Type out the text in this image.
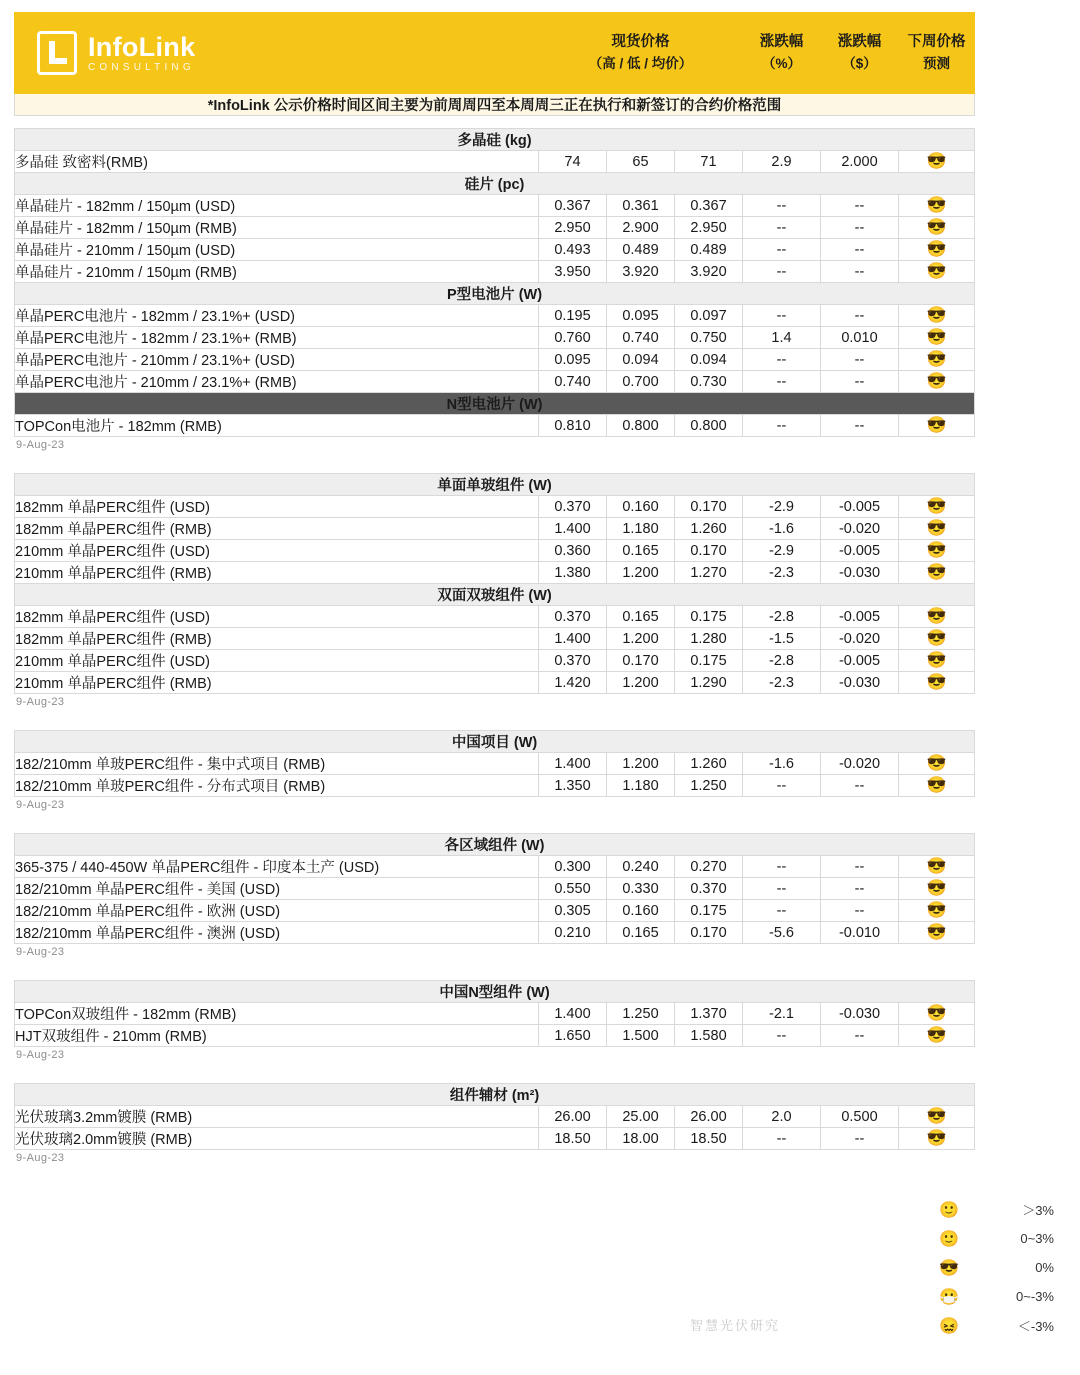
InfoLink
CONSULTING
	现货价格
（高 / 低 / 均价）
	涨跌幅
（%）
	涨跌幅
（$）
	下周价格
预测

*InfoLink 公示价格时间区间主要为前周周四至本周周三正在执行和新签订的合约价格范围
多晶硅 (kg)						
多晶硅 致密料(RMB)	74	65	71	2.9	2.000	😎
硅片 (pc)						
单晶硅片 - 182mm / 150µm (USD)	0.367	0.361	0.367	--	--	😎
单晶硅片 - 182mm / 150µm (RMB)	2.950	2.900	2.950	--	--	😎
单晶硅片 - 210mm / 150µm (USD)	0.493	0.489	0.489	--	--	😎
单晶硅片 - 210mm / 150µm (RMB)	3.950	3.920	3.920	--	--	😎
P型电池片 (W)						
单晶PERC电池片 - 182mm / 23.1%+ (USD)	0.195	0.095	0.097	--	--	😎
单晶PERC电池片 - 182mm / 23.1%+ (RMB)	0.760	0.740	0.750	1.4	0.010	😎
单晶PERC电池片 - 210mm / 23.1%+ (USD)	0.095	0.094	0.094	--	--	😎
单晶PERC电池片 - 210mm / 23.1%+ (RMB)	0.740	0.700	0.730	--	--	😎
N型电池片 (W)						
TOPCon电池片 - 182mm (RMB)	0.810	0.800	0.800	--	--	😎
9-Aug-23
单面单玻组件 (W)						
182mm 单晶PERC组件 (USD)	0.370	0.160	0.170	-2.9	-0.005	😎
182mm 单晶PERC组件 (RMB)	1.400	1.180	1.260	-1.6	-0.020	😎
210mm 单晶PERC组件 (USD)	0.360	0.165	0.170	-2.9	-0.005	😎
210mm 单晶PERC组件 (RMB)	1.380	1.200	1.270	-2.3	-0.030	😎
双面双玻组件 (W)						
182mm 单晶PERC组件 (USD)	0.370	0.165	0.175	-2.8	-0.005	😎
182mm 单晶PERC组件 (RMB)	1.400	1.200	1.280	-1.5	-0.020	😎
210mm 单晶PERC组件 (USD)	0.370	0.170	0.175	-2.8	-0.005	😎
210mm 单晶PERC组件 (RMB)	1.420	1.200	1.290	-2.3	-0.030	😎
9-Aug-23
中国项目 (W)						
182/210mm 单玻PERC组件 - 集中式项目 (RMB)	1.400	1.200	1.260	-1.6	-0.020	😎
182/210mm 单玻PERC组件 - 分布式项目 (RMB)	1.350	1.180	1.250	--	--	😎
9-Aug-23
各区域组件 (W)						
365-375 / 440-450W 单晶PERC组件 - 印度本土产 (USD)	0.300	0.240	0.270	--	--	😎
182/210mm 单晶PERC组件 - 美国 (USD)	0.550	0.330	0.370	--	--	😎
182/210mm 单晶PERC组件 - 欧洲 (USD)	0.305	0.160	0.175	--	--	😎
182/210mm 单晶PERC组件 - 澳洲 (USD)	0.210	0.165	0.170	-5.6	-0.010	😎
9-Aug-23
中国N型组件 (W)						
TOPCon双玻组件 - 182mm (RMB)	1.400	1.250	1.370	-2.1	-0.030	😎
HJT双玻组件 - 210mm (RMB)	1.650	1.500	1.580	--	--	😎
9-Aug-23
组件辅材 (m²)						
光伏玻璃3.2mm镀膜 (RMB)	26.00	25.00	26.00	2.0	0.500	😎
光伏玻璃2.0mm镀膜 (RMB)	18.50	18.00	18.50	--	--	😎
9-Aug-23
🙂	＞3%
🙂	0~3%
😎	0%
😷	0~-3%
😖	＜-3%
智慧光伏研究
